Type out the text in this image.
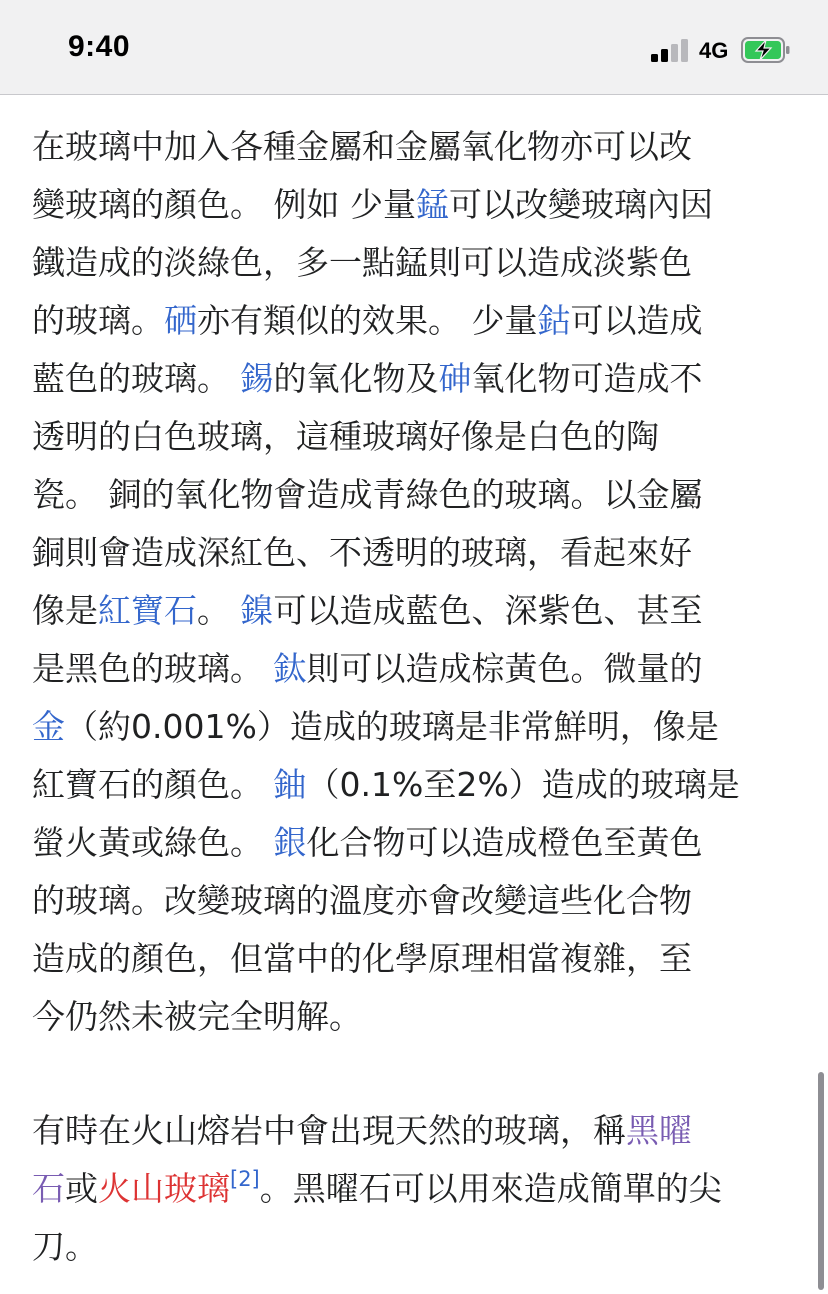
9:40	4G
在玻璃中加入各種金屬和金屬氧化物亦可以改
變玻璃的顏色。 例如 少量錳可以改變玻璃內因
鐵造成的淡綠色，多一點錳則可以造成淡紫色
的玻璃。硒亦有類似的效果。 少量鈷可以造成
藍色的玻璃。 錫的氧化物及砷氧化物可造成不
透明的白色玻璃，這種玻璃好像是白色的陶
瓷。 銅的氧化物會造成青綠色的玻璃。以金屬
銅則會造成深紅色、不透明的玻璃，看起來好
像是紅寶石。 鎳可以造成藍色、深紫色、甚至
是黑色的玻璃。 鈦則可以造成棕黃色。微量的
金（約0.001%）造成的玻璃是非常鮮明，像是
紅寶石的顏色。 鈾（0.1%至2%）造成的玻璃是
螢火黃或綠色。 銀化合物可以造成橙色至黃色
的玻璃。改變玻璃的溫度亦會改變這些化合物
造成的顏色，但當中的化學原理相當複雜，至
今仍然未被完全明解。
有時在火山熔岩中會出現天然的玻璃，稱黑曜
石或火山玻璃[2]。黑曜石可以用來造成簡單的尖
刀。
